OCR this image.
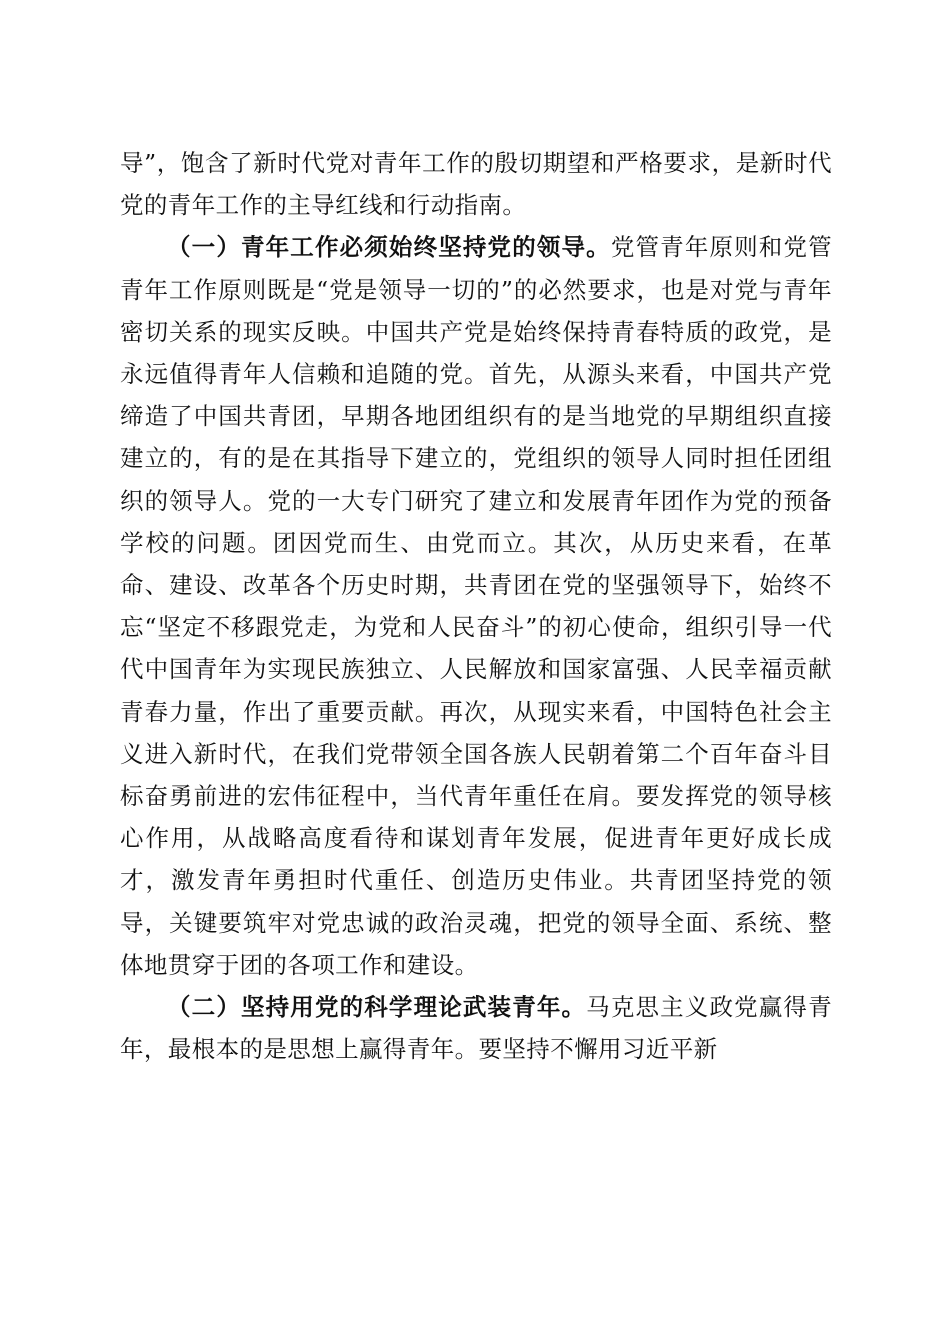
导”，饱含了新时代党对青年工作的殷切期望和严格要求，是新时代党的青年工作的主导红线和行动指南。

（一）青年工作必须始终坚持党的领导。党管青年原则和党管青年工作原则既是“党是领导一切的”的必然要求，也是对党与青年密切关系的现实反映。中国共产党是始终保持青春特质的政党，是永远值得青年人信赖和追随的党。首先，从源头来看，中国共产党缔造了中国共青团，早期各地团组织有的是当地党的早期组织直接建立的，有的是在其指导下建立的，党组织的领导人同时担任团组织的领导人。党的一大专门研究了建立和发展青年团作为党的预备学校的问题。团因党而生、由党而立。其次，从历史来看，在革命、建设、改革各个历史时期，共青团在党的坚强领导下，始终不忘“坚定不移跟党走，为党和人民奋斗”的初心使命，组织引导一代代中国青年为实现民族独立、人民解放和国家富强、人民幸福贡献青春力量，作出了重要贡献。再次，从现实来看，中国特色社会主义进入新时代，在我们党带领全国各族人民朝着第二个百年奋斗目标奋勇前进的宏伟征程中，当代青年重任在肩。要发挥党的领导核心作用，从战略高度看待和谋划青年发展，促进青年更好成长成才，激发青年勇担时代重任、创造历史伟业。共青团坚持党的领导，关键要筑牢对党忠诚的政治灵魂，把党的领导全面、系统、整体地贯穿于团的各项工作和建设。

（二）坚持用党的科学理论武装青年。马克思主义政党赢得青年，最根本的是思想上赢得青年。要坚持不懈用习近平新
